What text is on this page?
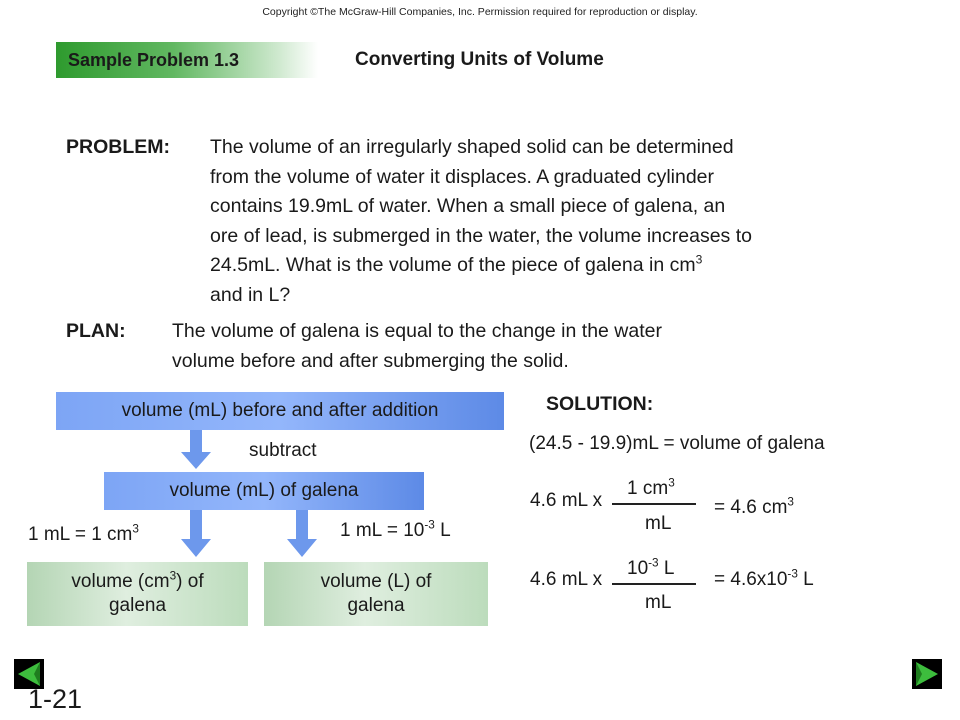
Copyright ©The McGraw-Hill Companies, Inc. Permission required for reproduction or display.
Sample Problem 1.3	Converting Units of Volume
PROBLEM: The volume of an irregularly shaped solid can be determined
from the volume of water it displaces. A graduated cylinder
contains 19.9mL of water. When a small piece of galena, an
ore of lead, is submerged in the water, the volume increases to
24.5mL. What is the volume of the piece of galena in $cm^3$
and in L?
PLAN: The volume of galena is equal to the change in the water
volume before and after submerging the solid.
volume (mL) before and after addition
subtract
volume (mL) of galena
1 mL = 1 $cm^3$	1 mL = $10^{-3}$ L
volume $(cm^3)$ of
galena
volume (L) of
galena
SOLUTION:
(24.5 - 19.9)mL = volume of galena
4.6 mL x
1 $cm^3$
mL
= 4.6 $cm^3$
4.6 mL x
$10^{-3}$ L
mL
= $4.6x10^{-3}$ L
1-21
